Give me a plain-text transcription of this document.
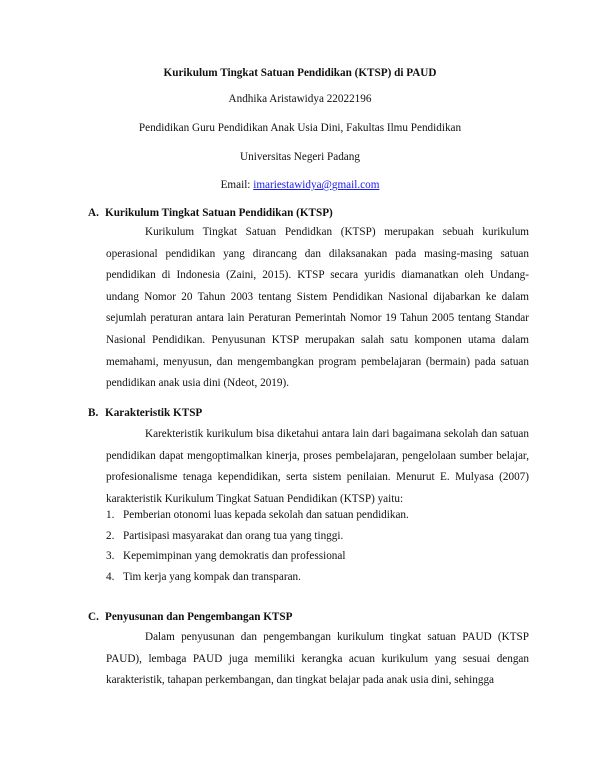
Kurikulum Tingkat Satuan Pendidikan (KTSP) di PAUD
Andhika Aristawidya 22022196
Pendidikan Guru Pendidikan Anak Usia Dini, Fakultas Ilmu Pendidikan
Universitas Negeri Padang
Email: imariestawidya@gmail.com
A. Kurikulum Tingkat Satuan Pendidikan (KTSP)
Kurikulum Tingkat Satuan Pendidkan (KTSP) merupakan sebuah kurikulum operasional pendidikan yang dirancang dan dilaksanakan pada masing-masing satuan pendidikan di Indonesia (Zaini, 2015). KTSP secara yuridis diamanatkan oleh Undang-undang Nomor 20 Tahun 2003 tentang Sistem Pendidikan Nasional dijabarkan ke dalam sejumlah peraturan antara lain Peraturan Pemerintah Nomor 19 Tahun 2005 tentang Standar Nasional Pendidikan. Penyusunan KTSP merupakan salah satu komponen utama dalam memahami, menyusun, dan mengembangkan program pembelajaran (bermain) pada satuan pendidikan anak usia dini (Ndeot, 2019).
B. Karakteristik KTSP
Karekteristik kurikulum bisa diketahui antara lain dari bagaimana sekolah dan satuan pendidikan dapat mengoptimalkan kinerja, proses pembelajaran, pengelolaan sumber belajar, profesionalisme tenaga kependidikan, serta sistem penilaian. Menurut E. Mulyasa (2007) karakteristik Kurikulum Tingkat Satuan Pendidikan (KTSP) yaitu:
1. Pemberian otonomi luas kepada sekolah dan satuan pendidikan.
2. Partisipasi masyarakat dan orang tua yang tinggi.
3. Kepemimpinan yang demokratis dan professional
4. Tim kerja yang kompak dan transparan.
C. Penyusunan dan Pengembangan KTSP
Dalam penyusunan dan pengembangan kurikulum tingkat satuan PAUD (KTSP PAUD), lembaga PAUD juga memiliki kerangka acuan kurikulum yang sesuai dengan karakteristik, tahapan perkembangan, dan tingkat belajar pada anak usia dini, sehingga
